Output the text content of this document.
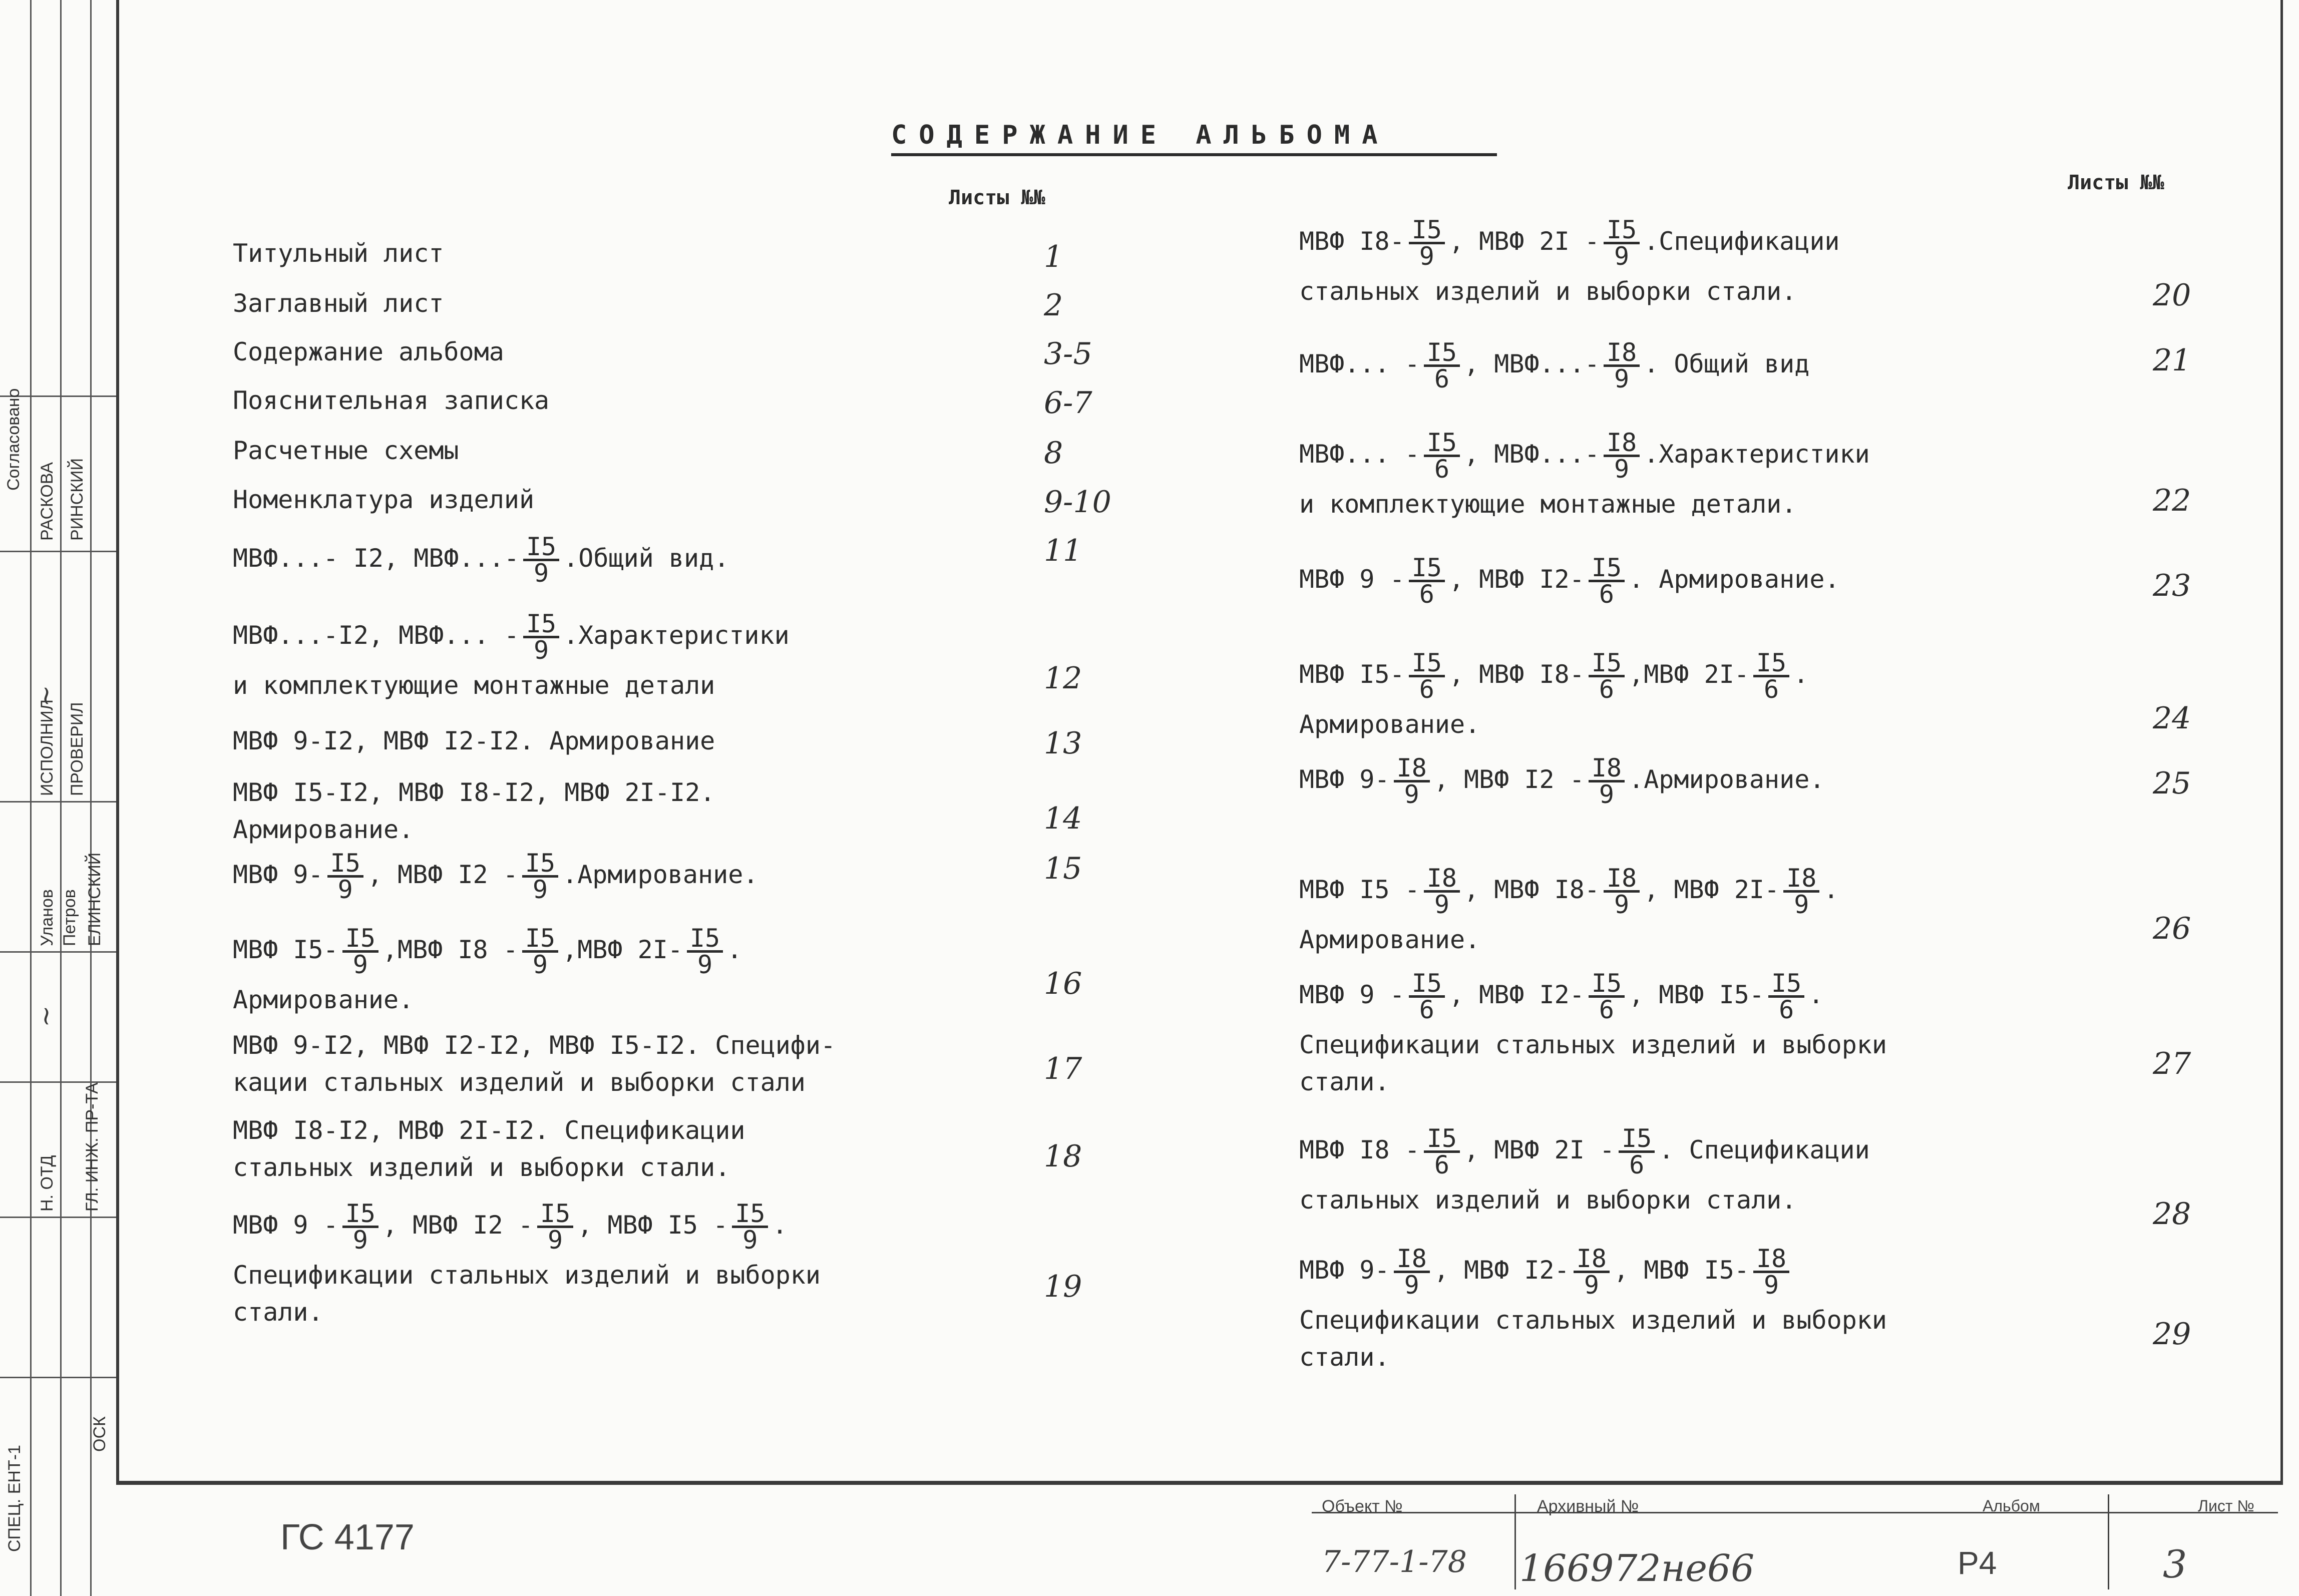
Согласовано
РАСКОВА РИНСКИЙ
ИСПОЛНИЛ ПРОВЕРИЛ
Уланов Петров ЕЛИНСКИЙ
Н. ОТД ГЛ. ИНЖ. ПР-ТА
ОСК
СПЕЦ. ЕНТ-1
~
~
СОДЕРЖАНИЕ АЛЬБОМА
Листы №№
Листы №№
Титульный лист	1
Заглавный лист	2
Содержание альбома	3-5
Пояснительная записка	6-7
Расчетные схемы	8
Номенклатура изделий	9-10
МВФ...- I2, $МВФ...- \frac{I5}{9}$ .Общий вид.	11
МВФ...-I2, МВФ... - $\frac{I5}{9}$ .Характеристики
и комплектующие монтажные детали	12
МВФ 9-I2, МВФ I2-I2. Армирование	13
МВФ I5-I2, МВФ I8-I2, МВФ 2I-I2.
Армирование.	14
МВФ $9- \frac{I5}{9}$ , МВФ $I2 - \frac{I5}{9}$ .Армирование.	15
МВФ $I5- \frac{I5}{9} ,МВФ$ $I8 - \frac{I5}{9} ,МВФ$ $2I- \frac{I5}{9}$ .
Армирование.	16
МВФ 9-I2, МВФ I2-I2, МВФ I5-I2. Специфи-
кации стальных изделий и выборки стали	17
МВФ I8-I2, МВФ 2I-I2. Спецификации
стальных изделий и выборки стали.	18
МВФ $9 - \frac{I5}{9}$ , МВФ $I2 - \frac{I5}{9}$ , МВФ $I5 - \frac{I5}{9}$ .
Спецификации стальных изделий и выборки
стали.
19
МВФ $I8- \frac{I5}{9}$ , МВФ $2I - \frac{I5}{9}$ .Спецификации
стальных изделий и выборки стали.	20
МВФ... - $\frac{I5}{6}$ , $МВФ...- \frac{I8}{9}$ . Общий вид	21
МВФ... - $\frac{I5}{6}$ , $МВФ...- \frac{I8}{9}$ .Характеристики
и комплектующие монтажные детали.	22
МВФ $9 - \frac{I5}{6}$ , МВФ $I2- \frac{I5}{6}$ . Армирование.	23
МВФ $I5- \frac{I5}{6}$ , МВФ $I8- \frac{I5}{6} ,МВФ$ $2I- \frac{I5}{6}$ .
Армирование.	24
МВФ $9- \frac{I8}{9}$ , МВФ $I2 - \frac{I8}{9}$ .Армирование.	25
МВФ $I5 - \frac{I8}{9}$ , МВФ $I8- \frac{I8}{9}$ , МВФ $2I- \frac{I8}{9}$ .
Армирование.	26
МВФ $9 - \frac{I5}{6}$ , МВФ $I2- \frac{I5}{6}$ , МВФ $I5- \frac{I5}{6}$ .
Спецификации стальных изделий и выборки
стали.
27
МВФ $I8 - \frac{I5}{6}$ , МВФ $2I - \frac{I5}{6}$ . Спецификации
стальных изделий и выборки стали.	28
МВФ $9- \frac{I8}{9}$ , МВФ $I2- \frac{I8}{9}$ , МВФ $I5- \frac{I8}{9}$
Спецификации стальных изделий и выборки
стали.
29
ГС 4177
Объект №
7-77-1-78
Архивный №
166972не66
Альбом
Р4
Лист №
3
